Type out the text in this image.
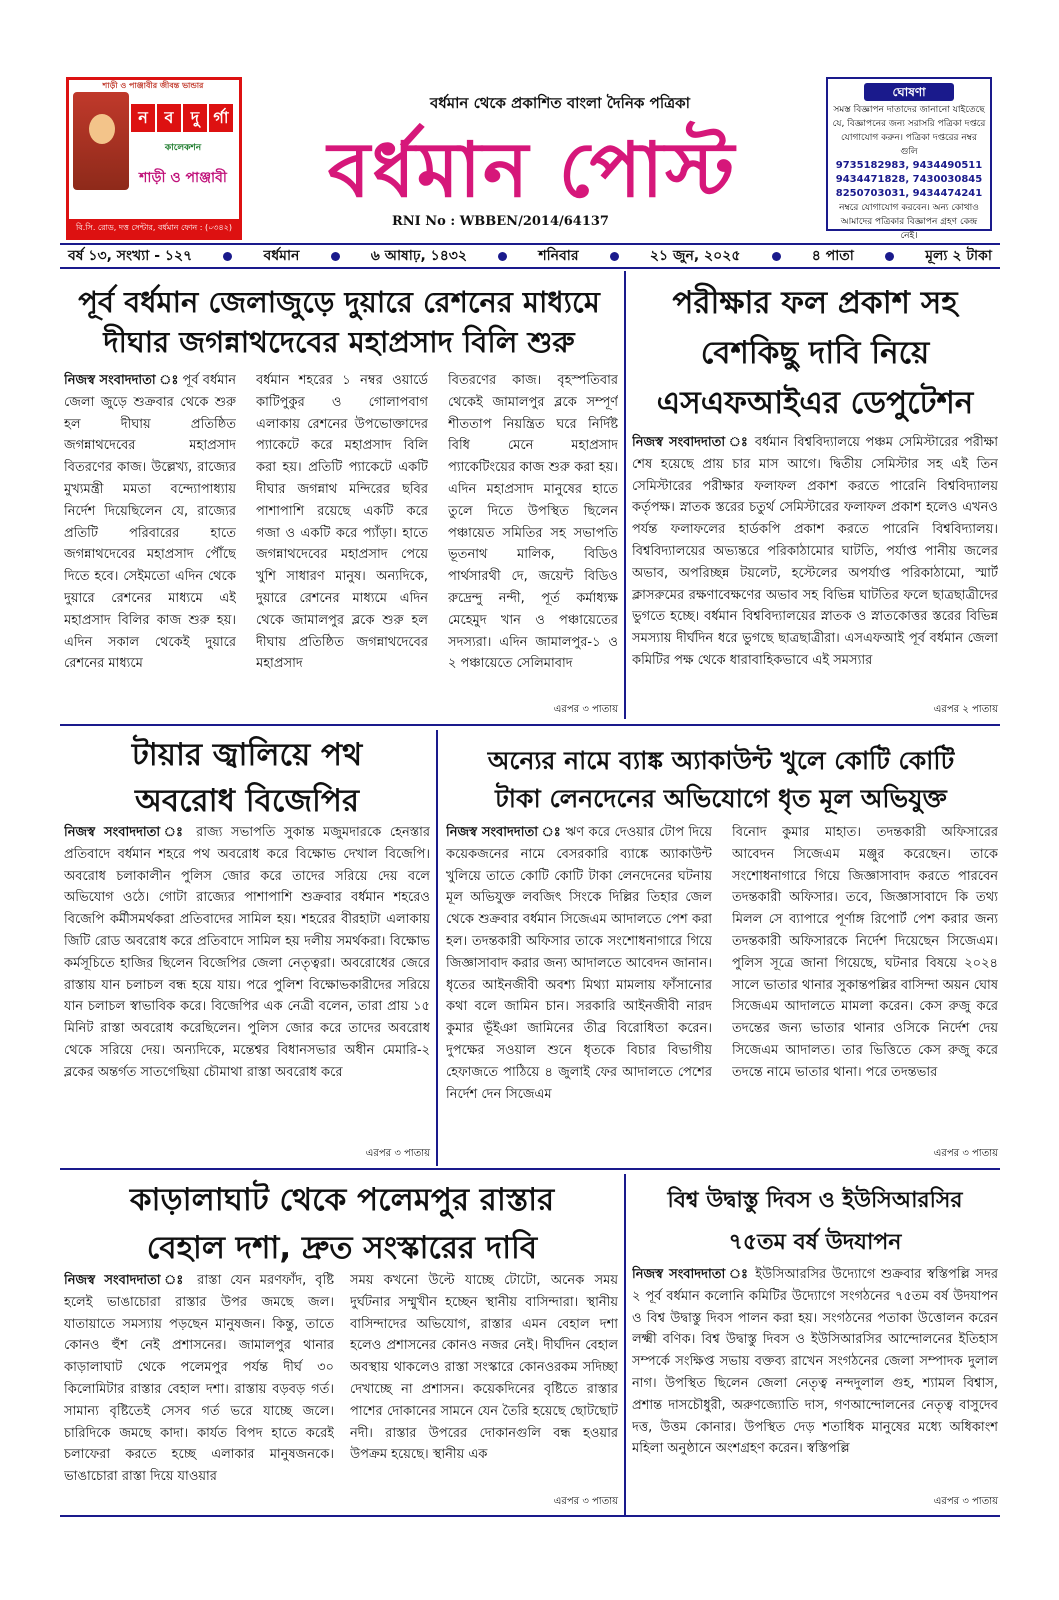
শাড়ী ও পাঞ্জাবীর জীবন্ত ভান্ডার
ন	ব	দু র্গা
কালেকশন
শাড়ী ও পাঞ্জাবী
বি.সি. রোড, দত্ত সেন্টার, বর্ধমান ফোন : (০৩৪২) ২৬৫০২২৮
বর্ধমান থেকে প্রকাশিত বাংলা দৈনিক পত্রিকা
বর্ধমান পোস্ট
RNI No : WBBEN/2014/64137
ঘোষণা
সমস্ত বিজ্ঞাপন দাতাদের জানানো যাইতেছে যে, বিজ্ঞাপনের জন্য সরাসরি পত্রিকা দপ্তরে যোগাযোগ করুন। পত্রিকা দপ্তরের নম্বর গুলি
9735182983, 9434490511
9434471828, 7430030845
8250703031, 9434474241
নম্বরে যোগাযোগ করবেন। অন্য কোথাও আমাদের পত্রিকার বিজ্ঞাপন গ্রহণ কেন্দ্র নেই।
বর্ষ ১৩, সংখ্যা - ১২৭	বর্ধমান	৬ আষাঢ়, ১৪৩২	শনিবার	২১ জুন, ২০২৫	৪ পাতা	মূল্য ২ টাকা
পূর্ব বর্ধমান জেলাজুড়ে দুয়ারে রেশনের মাধ্যমে
দীঘার জগন্নাথদেবের মহাপ্রসাদ বিলি শুরু
নিজস্ব সংবাদদাতা ঃ পূর্ব বর্ধমান জেলা জুড়ে শুক্রবার থেকে শুরু হল দীঘায় প্রতিষ্ঠিত জগন্নাথদেবের মহাপ্রসাদ বিতরণের কাজ। উল্লেখ্য, রাজ্যের মুখ্যমন্ত্রী মমতা বন্দ্যোপাধ্যায় নির্দেশ দিয়েছিলেন যে, রাজ্যের প্রতিটি পরিবারের হাতে জগন্নাথদেবের মহাপ্রসাদ পৌঁছে দিতে হবে। সেইমতো এদিন থেকে দুয়ারে রেশনের মাধ্যমে এই মহাপ্রসাদ বিলির কাজ শুরু হয়। এদিন সকাল থেকেই দুয়ারে রেশনের মাধ্যমে
বর্ধমান শহরের ১ নম্বর ওয়ার্ডে কাটিপুকুর ও গোলাপবাগ এলাকায় রেশনের উপভোক্তাদের প্যাকেটে করে মহাপ্রসাদ বিলি করা হয়। প্রতিটি প্যাকেটে একটি দীঘার জগন্নাথ মন্দিরের ছবির পাশাপাশি রয়েছে একটি করে গজা ও একটি করে প্যাঁড়া। হাতে জগন্নাথদেবের মহাপ্রসাদ পেয়ে খুশি সাধারণ মানুষ। অন্যদিকে, দুয়ারে রেশনের মাধ্যমে এদিন থেকে জামালপুর ব্লকে শুরু হল দীঘায় প্রতিষ্ঠিত জগন্নাথদেবের মহাপ্রসাদ
বিতরণের কাজ। বৃহস্পতিবার থেকেই জামালপুর ব্লকে সম্পূর্ণ শীততাপ নিয়ন্ত্রিত ঘরে নির্দিষ্ট বিধি মেনে মহাপ্রসাদ প্যাকেটিংয়ের কাজ শুরু করা হয়। এদিন মহাপ্রসাদ মানুষের হাতে তুলে দিতে উপস্থিত ছিলেন পঞ্চায়েত সমিতির সহ সভাপতি ভূতনাথ মালিক, বিডিও পার্থসারথী দে, জয়েন্ট বিডিও রুদ্রেন্দু নন্দী, পূর্ত কর্মাধ্যক্ষ মেহেমুদ খান ও পঞ্চায়েতের সদস্যরা। এদিন জামালপুর-১ ও ২ পঞ্চায়েতে সেলিমাবাদ
এরপর ৩ পাতায়
পরীক্ষার ফল প্রকাশ সহ
বেশকিছু দাবি নিয়ে
এসএফআইএর ডেপুটেশন
নিজস্ব সংবাদদাতা ঃ বর্ধমান বিশ্ববিদ্যালয়ে পঞ্চম সেমিস্টারের পরীক্ষা শেষ হয়েছে প্রায় চার মাস আগে। দ্বিতীয় সেমিস্টার সহ এই তিন সেমিস্টারের পরীক্ষার ফলাফল প্রকাশ করতে পারেনি বিশ্ববিদ্যালয় কর্তৃপক্ষ। স্নাতক স্তরের চতুর্থ সেমিস্টারের ফলাফল প্রকাশ হলেও এখনও পর্যন্ত ফলাফলের হার্ডকপি প্রকাশ করতে পারেনি বিশ্ববিদ্যালয়। বিশ্ববিদ্যালয়ের অভ্যন্তরে পরিকাঠামোর ঘাটতি, পর্যাপ্ত পানীয় জলের অভাব, অপরিচ্ছন্ন টয়লেট, হস্টেলের অপর্যাপ্ত পরিকাঠামো, স্মার্ট ক্লাসরুমের রক্ষণাবেক্ষণের অভাব সহ বিভিন্ন ঘাটতির ফলে ছাত্রছাত্রীদের ভুগতে হচ্ছে। বর্ধমান বিশ্ববিদ্যালয়ের স্নাতক ও স্নাতকোত্তর স্তরের বিভিন্ন সমস্যায় দীর্ঘদিন ধরে ভুগছে ছাত্রছাত্রীরা। এসএফআই পূর্ব বর্ধমান জেলা কমিটির পক্ষ থেকে ধারাবাহিকভাবে এই সমস্যার
এরপর ২ পাতায়
টায়ার জ্বালিয়ে পথ
অবরোধ বিজেপির
নিজস্ব সংবাদদাতা ঃ রাজ্য সভাপতি সুকান্ত মজুমদারকে হেনস্তার প্রতিবাদে বর্ধমান শহরে পথ অবরোধ করে বিক্ষোভ দেখাল বিজেপি। অবরোধ চলাকালীন পুলিস জোর করে তাদের সরিয়ে দেয় বলে অভিযোগ ওঠে। গোটা রাজ্যের পাশাপাশি শুক্রবার বর্ধমান শহরেও বিজেপি কর্মীসমর্থকরা প্রতিবাদের সামিল হয়। শহরের বীরহাটা এলাকায় জিটি রোড অবরোধ করে প্রতিবাদে সামিল হয় দলীয় সমর্থকরা। বিক্ষোভ কর্মসূচিতে হাজির ছিলেন বিজেপির জেলা নেতৃত্বরা। অবরোধের জেরে রাস্তায় যান চলাচল বন্ধ হয়ে যায়। পরে পুলিশ বিক্ষোভকারীদের সরিয়ে যান চলাচল স্বাভাবিক করে। বিজেপির এক নেত্রী বলেন, তারা প্রায় ১৫ মিনিট রাস্তা অবরোধ করেছিলেন। পুলিস জোর করে তাদের অবরোধ থেকে সরিয়ে দেয়। অন্যদিকে, মন্তেশ্বর বিধানসভার অধীন মেমারি-২ ব্লকের অন্তর্গত সাতগেছিয়া চৌমাথা রাস্তা অবরোধ করে
এরপর ৩ পাতায়
অন্যের নামে ব্যাঙ্ক অ্যাকাউন্ট খুলে কোটি কোটি
টাকা লেনদেনের অভিযোগে ধৃত মূল অভিযুক্ত
নিজস্ব সংবাদদাতা ঃ ঋণ করে দেওয়ার টোপ দিয়ে কয়েকজনের নামে বেসরকারি ব্যাঙ্কে অ্যাকাউন্ট খুলিয়ে তাতে কোটি কোটি টাকা লেনদেনের ঘটনায় মূল অভিযুক্ত লবজিৎ সিংকে দিল্লির তিহার জেল থেকে শুক্রবার বর্ধমান সিজেএম আদালতে পেশ করা হল। তদন্তকারী অফিসার তাকে সংশোধনাগারে গিয়ে জিজ্ঞাসাবাদ করার জন্য আদালতে আবেদন জানান। ধৃতের আইনজীবী অবশ্য মিথ্যা মামলায় ফাঁসানোর কথা বলে জামিন চান। সরকারি আইনজীবী নারদ কুমার ভূঁইঞা জামিনের তীব্র বিরোধিতা করেন। দুপক্ষের সওয়াল শুনে ধৃতকে বিচার বিভাগীয় হেফাজতে পাঠিয়ে ৪ জুলাই ফের আদালতে পেশের নির্দেশ দেন সিজেএম
বিনোদ কুমার মাহাত। তদন্তকারী অফিসারের আবেদন সিজেএম মঞ্জুর করেছেন। তাকে সংশোধনাগারে গিয়ে জিজ্ঞাসাবাদ করতে পারবেন তদন্তকারী অফিসার। তবে, জিজ্ঞাসাবাদে কি তথ্য মিলল সে ব্যাপারে পূর্ণাঙ্গ রিপোর্ট পেশ করার জন্য তদন্তকারী অফিসারকে নির্দেশ দিয়েছেন সিজেএম। পুলিস সূত্রে জানা গিয়েছে, ঘটনার বিষয়ে ২০২৪ সালে ভাতার থানার সুকান্তপল্লির বাসিন্দা অয়ন ঘোষ সিজেএম আদালতে মামলা করেন। কেস রুজু করে তদন্তের জন্য ভাতার থানার ওসিকে নির্দেশ দেয় সিজেএম আদালত। তার ভিত্তিতে কেস রুজু করে তদন্তে নামে ভাতার থানা। পরে তদন্তভার
এরপর ৩ পাতায়
কাড়ালাঘাট থেকে পলেমপুর রাস্তার
বেহাল দশা, দ্রুত সংস্কারের দাবি
নিজস্ব সংবাদদাতা ঃ রাস্তা যেন মরণফাঁদ, বৃষ্টি হলেই ভাঙাচোরা রাস্তার উপর জমছে জল। যাতায়াতে সমস্যায় পড়ছেন মানুষজন। কিন্তু, তাতে কোনও হুঁশ নেই প্রশাসনের। জামালপুর থানার কাড়ালাঘাট থেকে পলেমপুর পর্যন্ত দীর্ঘ ৩০ কিলোমিটার রাস্তার বেহাল দশা। রাস্তায় বড়বড় গর্ত। সামান্য বৃষ্টিতেই সেসব গর্ত ভরে যাচ্ছে জলে। চারিদিকে জমছে কাদা। কার্যত বিপদ হাতে করেই চলাফেরা করতে হচ্ছে এলাকার মানুষজনকে। ভাঙাচোরা রাস্তা দিয়ে যাওয়ার
সময় কখনো উল্টে যাচ্ছে টোটো, অনেক সময় দুর্ঘটনার সম্মুখীন হচ্ছেন স্থানীয় বাসিন্দারা। স্থানীয় বাসিন্দাদের অভিযোগ, রাস্তার এমন বেহাল দশা হলেও প্রশাসনের কোনও নজর নেই। দীর্ঘদিন বেহাল অবস্থায় থাকলেও রাস্তা সংস্কারে কোনওরকম সদিচ্ছা দেখাচ্ছে না প্রশাসন। কয়েকদিনের বৃষ্টিতে রাস্তার পাশের দোকানের সামনে যেন তৈরি হয়েছে ছোটছোট নদী। রাস্তার উপরের দোকানগুলি বন্ধ হওয়ার উপক্রম হয়েছে। স্থানীয় এক
এরপর ৩ পাতায়
বিশ্ব উদ্বাস্তু দিবস ও ইউসিআরসির
৭৫তম বর্ষ উদযাপন
নিজস্ব সংবাদদাতা ঃ ইউসিআরসির উদ্যোগে শুক্রবার স্বস্তিপল্লি সদর ২ পূর্ব বর্ধমান কলোনি কমিটির উদ্যোগে সংগঠনের ৭৫তম বর্ষ উদযাপন ও বিশ্ব উদ্বাস্তু দিবস পালন করা হয়। সংগঠনের পতাকা উত্তোলন করেন লক্ষ্মী বণিক। বিশ্ব উদ্বাস্তু দিবস ও ইউসিআরসির আন্দোলনের ইতিহাস সম্পর্কে সংক্ষিপ্ত সভায় বক্তব্য রাখেন সংগঠনের জেলা সম্পাদক দুলাল নাগ। উপস্থিত ছিলেন জেলা নেতৃত্ব নন্দদুলাল গুহ, শ্যামল বিশ্বাস, প্রশান্ত দাসচৌধুরী, অরুণজ্যোতি দাস, গণআন্দোলনের নেতৃত্ব বাসুদেব দত্ত, উত্তম কোনার। উপস্থিত দেড় শতাধিক মানুষের মধ্যে অধিকাংশ মহিলা অনুষ্ঠানে অংশগ্রহণ করেন। স্বস্তিপল্লি
এরপর ৩ পাতায়
